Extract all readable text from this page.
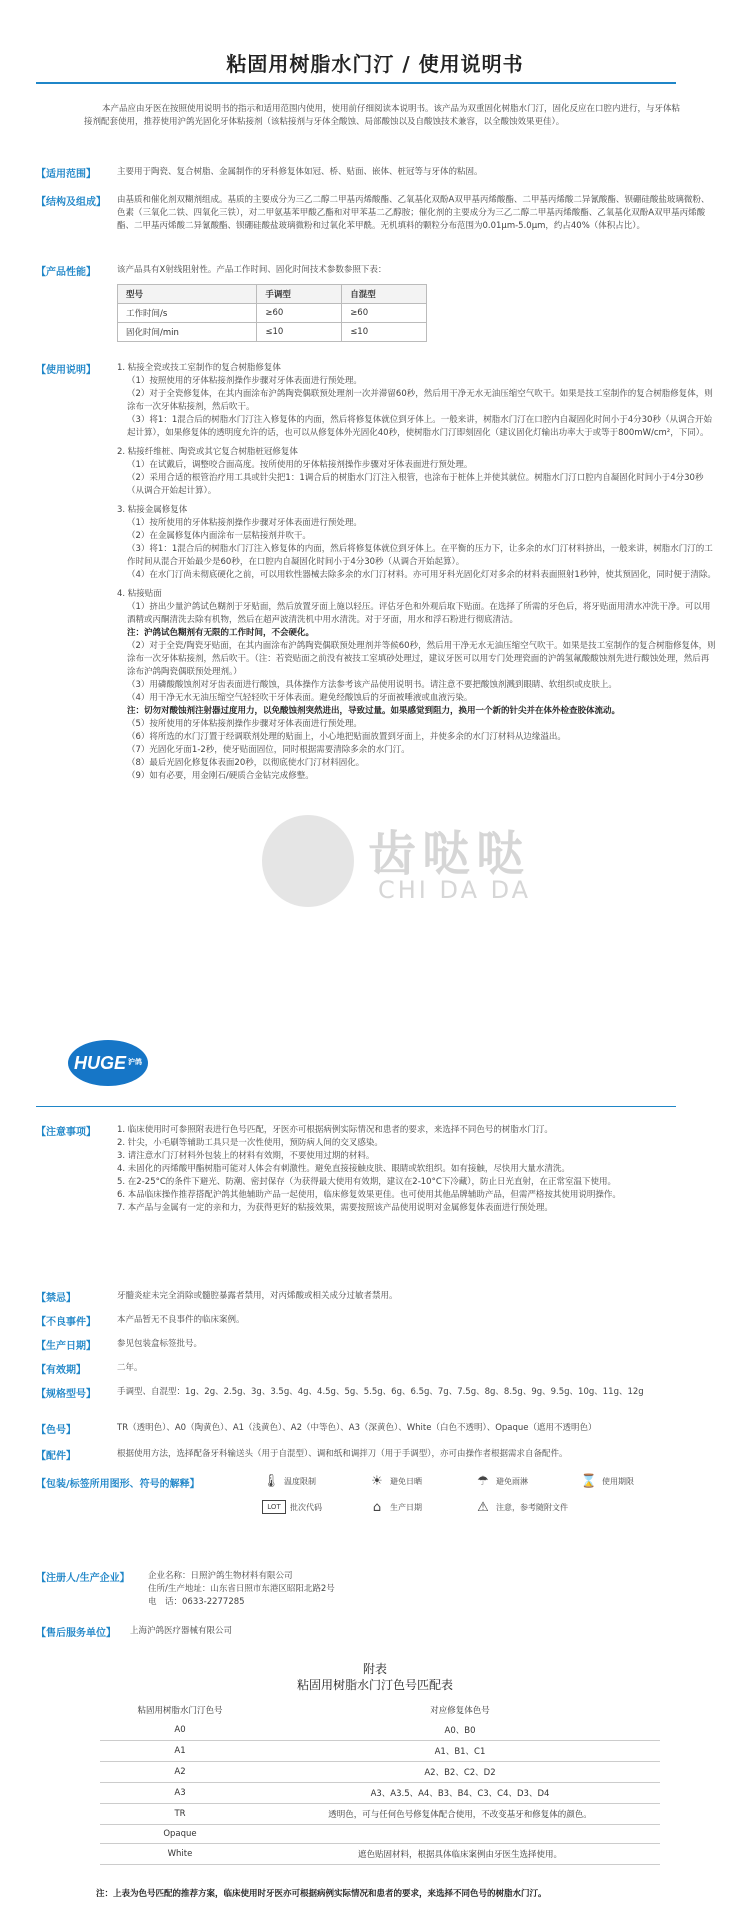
粘固用树脂水门汀 / 使用说明书

本产品应由牙医在按照使用说明书的指示和适用范围内使用，使用前仔细阅读本说明书。该产品为双重固化树脂水门汀，固化反应在口腔内进行，与牙体粘接剂配套使用，推荐使用沪鸽光固化牙体粘接剂（该粘接剂与牙体全酸蚀、局部酸蚀以及自酸蚀技术兼容，以全酸蚀效果更佳）。

【适用范围】 主要用于陶瓷、复合树脂、金属制作的牙科修复体如冠、桥、贴面、嵌体、桩冠等与牙体的粘固。
【结构及组成】 由基质和催化剂双糊剂组成。基质的主要成分为三乙二醇二甲基丙烯酸酯、乙氧基化双酚A双甲基丙烯酸酯、二甲基丙烯酸二异氰酸酯、钡硼硅酸盐玻璃微粉、色素（三氧化二铁、四氧化三铁），对二甲氨基苯甲酸乙酯和对甲苯基二乙醇胺；催化剂的主要成分为三乙二醇二甲基丙烯酸酯、乙氧基化双酚A双甲基丙烯酸酯、二甲基丙烯酸二异氰酸酯、钡硼硅酸盐玻璃微粉和过氧化苯甲酰。无机填料的颗粒分布范围为0.01μm-5.0μm，约占40%（体积占比）。
【产品性能】 该产品具有X射线阻射性。产品工作时间、固化时间技术参数参照下表：
型号	手调型	自混型
工作时间/s	≥60	≥60
固化时间/min	≤10	≤10
齿哒哒
CHI DA DA
【使用说明】 1. 粘接全瓷或技工室制作的复合树脂修复体
（1）按照使用的牙体粘接剂操作步骤对牙体表面进行预处理。
（2）对于全瓷修复体，在其内面涂布沪鸽陶瓷偶联预处理剂一次并滞留60秒，然后用干净无水无油压缩空气吹干。如果是技工室制作的复合树脂修复体，则涂布一次牙体粘接剂，然后吹干。
（3）将1：1混合后的树脂水门汀注入修复体的内面，然后将修复体就位到牙体上。一般来讲，树脂水门汀在口腔内自凝固化时间小于4分30秒（从调合开始起计算），如果修复体的透明度允许的话，也可以从修复体外光固化40秒，使树脂水门汀即刻固化（建议固化灯输出功率大于或等于800mW/cm²，下同）。
2. 粘接纤维桩、陶瓷或其它复合树脂桩冠修复体
（1）在试戴后，调整咬合面高度。按所使用的牙体粘接剂操作步骤对牙体表面进行预处理。
（2）采用合适的根管治疗用工具或针尖把1：1调合后的树脂水门汀注入根管，也涂布于桩体上并使其就位。树脂水门汀口腔内自凝固化时间小于4分30秒（从调合开始起计算）。
3. 粘接金属修复体
（1）按所使用的牙体粘接剂操作步骤对牙体表面进行预处理。
（2）在金属修复体内面涂布一层粘接剂并吹干。
（3）将1：1混合后的树脂水门汀注入修复体的内面，然后将修复体就位到牙体上。在平衡的压力下，让多余的水门汀材料挤出，一般来讲，树脂水门汀的工作时间从混合开始最少是60秒，在口腔内自凝固化时间小于4分30秒（从调合开始起算）。
（4）在水门汀尚未彻底硬化之前，可以用软性器械去除多余的水门汀材料。亦可用牙科光固化灯对多余的材料表面照射1秒钟，使其预固化，同时便于清除。
4. 粘接贴面
（1）挤出少量沪鸽试色糊剂于牙贴面，然后放置牙面上施以轻压。评估牙色和外观后取下贴面。在选择了所需的牙色后，将牙贴面用清水冲洗干净。可以用酒精或丙酮清洗去除有机物，然后在超声波清洗机中用水清洗。对于牙面，用水和浮石粉进行彻底清洁。
注：沪鸽试色糊剂有无限的工作时间，不会硬化。
（2）对于全瓷/陶瓷牙贴面，在其内面涂布沪鸽陶瓷偶联预处理剂并等候60秒，然后用干净无水无油压缩空气吹干。如果是技工室制作的复合树脂修复体，则涂布一次牙体粘接剂，然后吹干。（注：若瓷贴面之前没有被技工室填砂处理过，建议牙医可以用专门处理瓷面的沪鸽氢氟酸酸蚀剂先进行酸蚀处理，然后再涂布沪鸽陶瓷偶联预处理剂。）
（3）用磷酸酸蚀剂对牙齿表面进行酸蚀，具体操作方法参考该产品使用说明书。请注意不要把酸蚀剂溅到眼睛、软组织或皮肤上。
（4）用干净无水无油压缩空气轻轻吹干牙体表面。避免经酸蚀后的牙面被唾液或血液污染。
注：切勿对酸蚀剂注射器过度用力，以免酸蚀剂突然进出，导致过量。如果感觉到阻力，换用一个新的针尖并在体外检查胶体流动。
（5）按所使用的牙体粘接剂操作步骤对牙体表面进行预处理。
（6）将所选的水门汀置于经调联剂处理的贴面上，小心地把贴面放置到牙面上，并使多余的水门汀材料从边缘溢出。
（7）光固化牙面1-2秒，使牙贴面固位，同时根据需要清除多余的水门汀。
（8）最后光固化修复体表面20秒，以彻底使水门汀材料固化。
（9）如有必要，用金刚石/硬质合金钻完成修整。
HUGE 沪鸽
【注意事项】 1. 临床使用时可参照附表进行色号匹配，牙医亦可根据病例实际情况和患者的要求，来选择不同色号的树脂水门汀。
2. 针尖，小毛刷等辅助工具只是一次性使用，预防病人间的交叉感染。
3. 请注意水门汀材料外包装上的材料有效期，不要使用过期的材料。
4. 未固化的丙烯酸甲酯树脂可能对人体会有刺激性。避免直接接触皮肤、眼睛或软组织。如有接触，尽快用大量水清洗。
5. 在2-25°C的条件下避光、防潮、密封保存（为获得最大使用有效期，建议在2-10°C下冷藏），防止日光直射，在正常室温下使用。
6. 本品临床操作推荐搭配沪鸽其他辅助产品一起使用，临床修复效果更佳。也可使用其他品牌辅助产品，但需严格按其使用说明操作。
7. 本产品与金属有一定的亲和力，为获得更好的粘接效果，需要按照该产品使用说明对金属修复体表面进行预处理。
【禁忌】	牙髓炎症未完全消除或髓腔暴露者禁用，对丙烯酸或相关成分过敏者禁用。
【不良事件】 本产品暂无不良事件的临床案例。
【生产日期】 参见包装盒标签批号。
【有效期】	二年。
【规格型号】 手调型、自混型：1g、2g、2.5g、3g、3.5g、4g、4.5g、5g、5.5g、6g、6.5g、7g、7.5g、8g、8.5g、9g、9.5g、10g、11g、12g
【色号】	TR（透明色）、A0（陶黄色）、A1（浅黄色）、A2（中等色）、A3（深黄色）、White（白色不透明）、Opaque（遮用不透明色）
【配件】	根据使用方法，选择配备牙科输送头（用于自混型）、调和纸和调拌刀（用于手调型），亦可由操作者根据需求自备配件。
【包装/标签所用图形、符号的解释】	🌡 温度限制	☀ 避免日晒	☂ 避免雨淋	⌛ 使用期限
LOT	批次代码	⌂	生产日期	⚠ 注意，参考随附文件
【注册人/生产企业】 企业名称：日照沪鸽生物材料有限公司
住所/生产地址：山东省日照市东港区昭阳北路2号
电　话：0633-2277285
【售后服务单位】 上海沪鸽医疗器械有限公司
附表
粘固用树脂水门汀色号匹配表
粘固用树脂水门汀色号	对应修复体色号
A0	A0、B0
A1	A1、B1、C1
A2	A2、B2、C2、D2
A3	A3、A3.5、A4、B3、B4、C3、C4、D3、D4
TR	透明色，可与任何色号修复体配合使用，不改变基牙和修复体的颜色。
Opaque	
White	遮色贴固材料，根据具体临床案例由牙医生选择使用。
注：上表为色号匹配的推荐方案，临床使用时牙医亦可根据病例实际情况和患者的要求，来选择不同色号的树脂水门汀。
